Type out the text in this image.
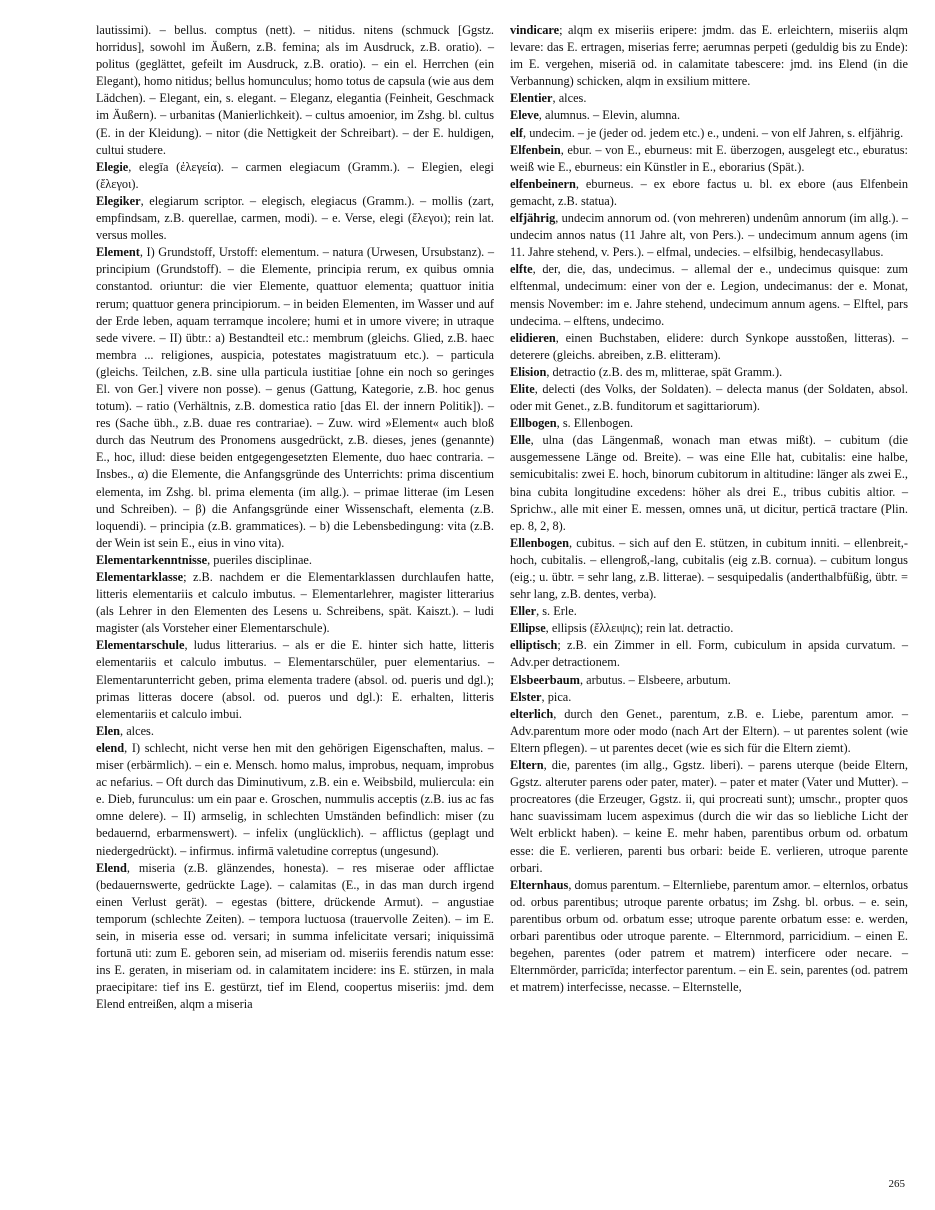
lautissimi). – bellus. comptus (nett). – nitidus. nitens (schmuck [Ggstz. horridus], sowohl im Äußern, z.B. femina; als im Ausdruck, z.B. oratio). – politus (geglättet, gefeilt im Ausdruck, z.B. oratio). – ein el. Herrchen (ein Elegant), homo nitidus; bellus homunculus; homo totus de capsula (wie aus dem Lädchen). – Elegant, ein, s. elegant. – Eleganz, elegantia (Feinheit, Geschmack im Äußern). – urbanitas (Manierlichkeit). – cultus amoenior, im Zshg. bl. cultus (E. in der Kleidung). – nitor (die Nettigkeit der Schreibart). – der E. huldigen, cultui studere.

Elegie, elegīa (ἐλεγεία). – carmen elegiacum (Gramm.). – Elegien, elegi (ἔλεγοι).

Elegiker, elegiarum scriptor. – elegisch, elegiacus (Gramm.). – mollis (zart, empfindsam, z.B. querellae, carmen, modi). – e. Verse, elegi (ἔλεγοι); rein lat. versus molles.

Element, I) Grundstoff, Urstoff: elementum. – natura (Urwesen, Ursubstanz). – principium (Grundstoff). – die Elemente, principia rerum, ex quibus omnia constantod. oriuntur: die vier Elemente, quattuor elementa; quattuor initia rerum; quattuor genera principiorum. – in beiden Elementen, im Wasser und auf der Erde leben, aquam terramque incolere; humi et in umore vivere; in utraque sede vivere. – II) übtr.: a) Bestandteil etc.: membrum (gleichs. Glied, z.B. haec membra ... religiones, auspicia, potestates magistratuum etc.). – particula (gleichs. Teilchen, z.B. sine ulla particula iustitiae [ohne ein noch so geringes El. von Ger.] vivere non posse). – genus (Gattung, Kategorie, z.B. hoc genus totum). – ratio (Verhältnis, z.B. domestica ratio [das El. der innern Politik]). – res (Sache übh., z.B. duae res contrariae). – Zuw. wird »Element« auch bloß durch das Neutrum des Pronomens ausgedrückt, z.B. dieses, jenes (genannte) E., hoc, illud: diese beiden entgegengesetzten Elemente, duo haec contraria. – Insbes., α) die Elemente, die Anfangsgründe des Unterrichts: prima discentium elementa, im Zshg. bl. prima elementa (im allg.). – primae litterae (im Lesen und Schreiben). – β) die Anfangsgründe einer Wissenschaft, elementa (z.B. loquendi). – principia (z.B. grammatices). – b) die Lebensbedingung: vita (z.B. der Wein ist sein E., eius in vino vita).

Elementarkenntnisse, pueriles disciplinae.

Elementarklasse; z.B. nachdem er die Elementarklassen durchlaufen hatte, litteris elementariis et calculo imbutus. – Elementarlehrer, magister litterarius (als Lehrer in den Elementen des Lesens u. Schreibens, spät. Kaiszt.). – ludi magister (als Vorsteher einer Elementarschule).

Elementarschule, ludus litterarius. – als er die E. hinter sich hatte, litteris elementariis et calculo imbutus. – Elementarschüler, puer elementarius. – Elementarunterricht geben, prima elementa tradere (absol. od. pueris und dgl.); primas litteras docere (absol. od. pueros und dgl.): E. erhalten, litteris elementariis et calculo imbui.

Elen, alces.

elend, I) schlecht, nicht verse hen mit den gehörigen Eigenschaften, malus. – miser (erbärmlich). – ein e. Mensch. homo malus, improbus, nequam, improbus ac nefarius. – Oft durch das Diminutivum, z.B. ein e. Weibsbild, muliercula: ein e. Dieb, furunculus: um ein paar e. Groschen, nummulis acceptis (z.B. ius ac fas omne delere). – II) armselig, in schlechten Umständen befindlich: miser (zu bedauernd, erbarmenswert). – infelix (unglücklich). – afflictus (geplagt und niedergedrückt). – infirmus. infirmā valetudine correptus (ungesund).

Elend, miseria (z.B. glänzendes, honesta). – res miserae oder afflictae (bedauernswerte, gedrückte Lage). – calamitas (E., in das man durch irgend einen Verlust gerät). – egestas (bittere, drückende Armut). – angustiae temporum (schlechte Zeiten). – tempora luctuosa (trauervolle Zeiten). – im E. sein, in miseria esse od. versari; in summa infelicitate versari; iniquissimā fortunā uti: zum E. geboren sein, ad miseriam od. miseriis ferendis natum esse: ins E. geraten, in miseriam od. in calamitatem incidere: ins E. stürzen, in mala praecipitare: tief ins E. gestürzt, tief im Elend, coopertus miseriis: jmd. dem Elend entreißen, alqm a miseria

vindicare; alqm ex miseriis eripere: jmdm. das E. erleichtern, miseriis alqm levare: das E. ertragen, miserias ferre; aerumnas perpeti (geduldig bis zu Ende): im E. vergehen, miseriā od. in calamitate tabescere: jmd. ins Elend (in die Verbannung) schicken, alqm in exsilium mittere.

Elentier, alces.

Eleve, alumnus. – Elevin, alumna.

elf, undecim. – je (jeder od. jedem etc.) e., undeni. – von elf Jahren, s. elfjährig.

Elfenbein, ebur. – von E., eburneus: mit E. überzogen, ausgelegt etc., eburatus: weiß wie E., eburneus: ein Künstler in E., eborarius (Spät.).

elfenbeinern, eburneus. – ex ebore factus u. bl. ex ebore (aus Elfenbein gemacht, z.B. statua).

elfjährig, undecim annorum od. (von mehreren) undenûm annorum (im allg.). – undecim annos natus (11 Jahre alt, von Pers.). – undecimum annum agens (im 11. Jahre stehend, v. Pers.). – elfmal, undecies. – elfsilbig, hendecasyllabus.

elfte, der, die, das, undecimus. – allemal der e., undecimus quisque: zum elftenmal, undecimum: einer von der e. Legion, undecimanus: der e. Monat, mensis November: im e. Jahre stehend, undecimum annum agens. – Elftel, pars undecima. – elftens, undecimo.

elidieren, einen Buchstaben, elidere: durch Synkope ausstoßen, litteras). – deterere (gleichs. abreiben, z.B. elitteram).

Elision, detractio (z.B. des m, mlitterae, spät Gramm.).

Elite, delecti (des Volks, der Soldaten). – delecta manus (der Soldaten, absol. oder mit Genet., z.B. funditorum et sagittariorum).

Ellbogen, s. Ellenbogen.

Elle, ulna (das Längenmaß, wonach man etwas mißt). – cubitum (die ausgemessene Länge od. Breite). – was eine Elle hat, cubitalis: eine halbe, semicubitalis: zwei E. hoch, binorum cubitorum in altitudine: länger als zwei E., bina cubita longitudine excedens: höher als drei E., tribus cubitis altior. – Sprichw., alle mit einer E. messen, omnes unā, ut dicitur, perticā tractare (Plin. ep. 8, 2, 8).

Ellenbogen, cubitus. – sich auf den E. stützen, in cubitum inniti. – ellenbreit,-hoch, cubitalis. – ellengroß,-lang, cubitalis (eig z.B. cornua). – cubitum longus (eig.; u. übtr. = sehr lang, z.B. litterae). – sesquipedalis (anderthalbfüßig, übtr. = sehr lang, z.B. dentes, verba).

Eller, s. Erle.

Ellipse, ellipsis (ἔλλειψις); rein lat. detractio.

elliptisch; z.B. ein Zimmer in ell. Form, cubiculum in apsida curvatum. – Adv.per detractionem.

Elsbeerbaum, arbutus. – Elsbeere, arbutum.

Elster, pica.

elterlich, durch den Genet., parentum, z.B. e. Liebe, parentum amor. – Adv.parentum more oder modo (nach Art der Eltern). – ut parentes solent (wie Eltern pflegen). – ut parentes decet (wie es sich für die Eltern ziemt).

Eltern, die, parentes (im allg., Ggstz. liberi). – parens uterque (beide Eltern, Ggstz. alteruter parens oder pater, mater). – pater et mater (Vater und Mutter). – procreatores (die Erzeuger, Ggstz. ii, qui procreati sunt); umschr., propter quos hanc suavissimam lucem aspeximus (durch die wir das so liebliche Licht der Welt erblickt haben). – keine E. mehr haben, parentibus orbum od. orbatum esse: die E. verlieren, parenti bus orbari: beide E. verlieren, utroque parente orbari.

Elternhaus, domus parentum. – Elternliebe, parentum amor. – elternlos, orbatus od. orbus parentibus; utroque parente orbatus; im Zshg. bl. orbus. – e. sein, parentibus orbum od. orbatum esse; utroque parente orbatum esse: e. werden, orbari parentibus oder utroque parente. – Elternmord, parricidium. – einen E. begehen, parentes (oder patrem et matrem) interficere oder necare. – Elternmörder, parricīda; interfector parentum. – ein E. sein, parentes (od. patrem et matrem) interfecisse, necasse. – Elternstelle,

265
